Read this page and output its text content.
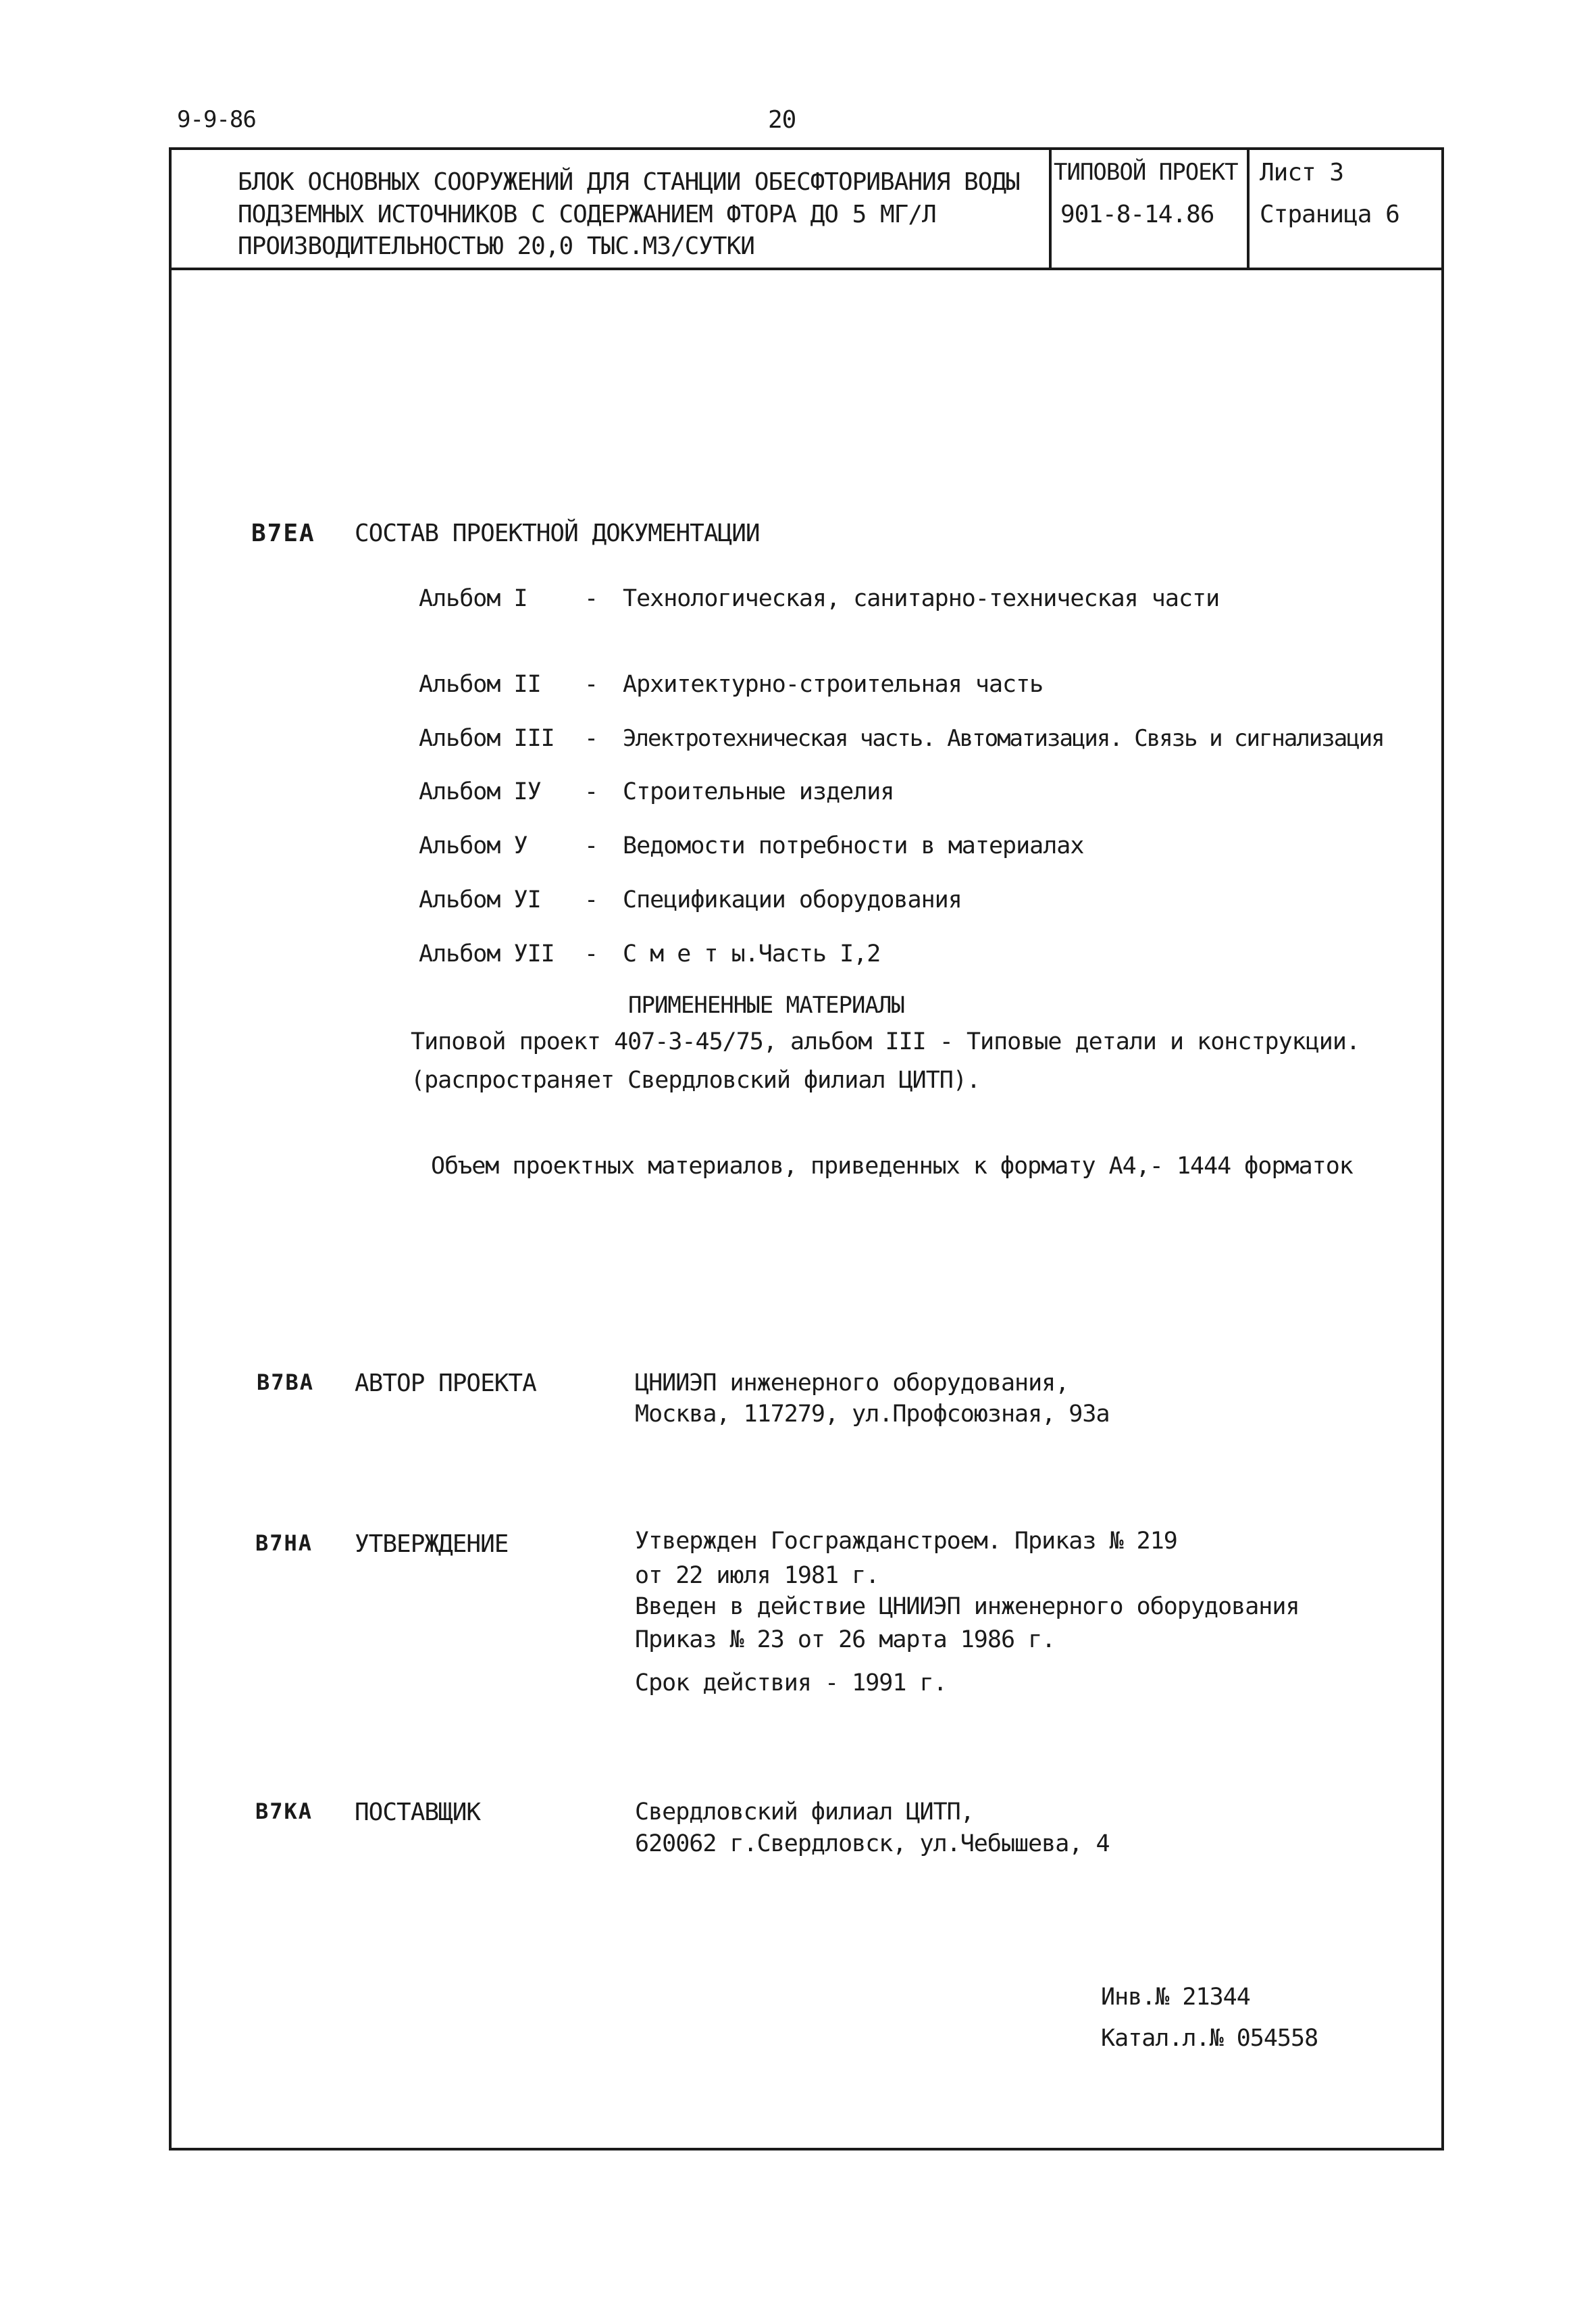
9-9-86	20
БЛОК ОСНОВНЫХ СООРУЖЕНИЙ ДЛЯ СТАНЦИИ ОБЕСФТОРИВАНИЯ ВОДЫ
ПОДЗЕМНЫХ ИСТОЧНИКОВ С СОДЕРЖАНИЕМ ФТОРА ДО 5 МГ/Л
ПРОИЗВОДИТЕЛЬНОСТЬЮ 20,0 ТЫС.М3/СУТКИ
ТИПОВОЙ ПРОЕКТ
901-8-14.86
Лист 3
Страница 6
B7EA СОСТАВ ПРОЕКТНОЙ ДОКУМЕНТАЦИИ
Альбом I - Технологическая, санитарно-техническая части
Альбом II - Архитектурно-строительная часть
Альбом III - Электротехническая часть. Автоматизация. Связь и сигнализация
Альбом IУ - Строительные изделия
Альбом У - Ведомости потребности в материалах
Альбом УI - Спецификации оборудования
Альбом УII - С м е т ы.Часть I,2
ПРИМЕНЕННЫЕ МАТЕРИАЛЫ
Типовой проект 407-3-45/75, альбом III - Типовые детали и конструкции.
(распространяет Свердловский филиал ЦИТП).
Объем проектных материалов, приведенных к формату А4,- 1444 форматок
B7BA АВТОР ПРОЕКТА	ЦНИИЭП инженерного оборудования,
Москва, 117279, ул.Профсоюзная, 93а
B7HA УТВЕРЖДЕНИЕ	Утвержден Госгражданстроем. Приказ № 219
от 22 июля 1981 г.
Введен в действие ЦНИИЭП инженерного оборудования
Приказ № 23 от 26 марта 1986 г.
Срок действия - 1991 г.
B7KA ПОСТАВЩИК	Свердловский филиал ЦИТП,
620062 г.Свердловск, ул.Чебышева, 4
Инв.№ 21344
Катал.л.№ 054558
